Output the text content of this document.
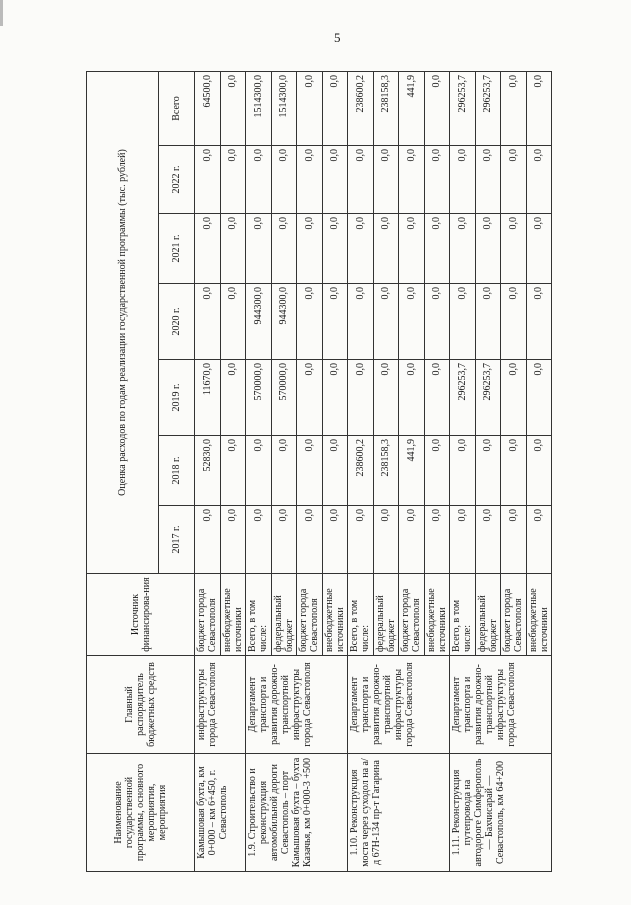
5
Наименование государственной программы, основного мероприятия, мероприятия	Главный распорядитель бюджетных средств	Источник финансирова-ния	Оценка расходов по годам реализации государственной программы (тыс. рублей)						
			2017 г.	2018 г.	2019 г.	2020 г.	2021 г.	2022 г.	Всего
Камышовая бухта, км 0+000 – км 6+450, г. Севастополь	инфраструктуры города Севастополя	бюджет города Севастополя	0,0	52830,0	11670,0	0,0	0,0	0,0	64500,0
		внебюджетные источники	0,0	0,0	0,0	0,0	0,0	0,0	0,0
1.9. Строительство и реконструкция автомобильной дороги Севастополь – порт Камышовая бухта – бухта Казачья, км 0+000-3 +500	Департамент транспорта и развития дорожно-транспортной инфраструктуры города Севастополя	Всего, в том числе:	0,0	0,0	570000,0	944300,0	0,0	0,0	1514300,0
		федеральный бюджет	0,0	0,0	570000,0	944300,0	0,0	0,0	1514300,0
		бюджет города Севастополя	0,0	0,0	0,0	0,0	0,0	0,0	0,0
		внебюджетные источники	0,0	0,0	0,0	0,0	0,0	0,0	0,0
1.10. Реконструкция моста через суходол на а/д 67Н-134 пр-т Гагарина	Департамент транспорта и развития дорожно-транспортной инфраструктуры города Севастополя	Всего, в том числе:	0,0	238600,2	0,0	0,0	0,0	0,0	238600,2
		федеральный бюджет	0,0	238158,3	0,0	0,0	0,0	0,0	238158,3
		бюджет города Севастополя	0,0	441,9	0,0	0,0	0,0	0,0	441,9
		внебюджетные источники	0,0	0,0	0,0	0,0	0,0	0,0	0,0
1.11. Реконструкция путепровода на автодороге Симферополь — Бахчисарай — Севастополь, км 64+200	Департамент транспорта и развития дорожно-транспортной инфраструктуры города Севастополя	Всего, в том числе:	0,0	0,0	296253,7	0,0	0,0	0,0	296253,7
		федеральный бюджет	0,0	0,0	296253,7	0,0	0,0	0,0	296253,7
		бюджет города Севастополя	0,0	0,0	0,0	0,0	0,0	0,0	0,0
		внебюджетные источники	0,0	0,0	0,0	0,0	0,0	0,0	0,0
